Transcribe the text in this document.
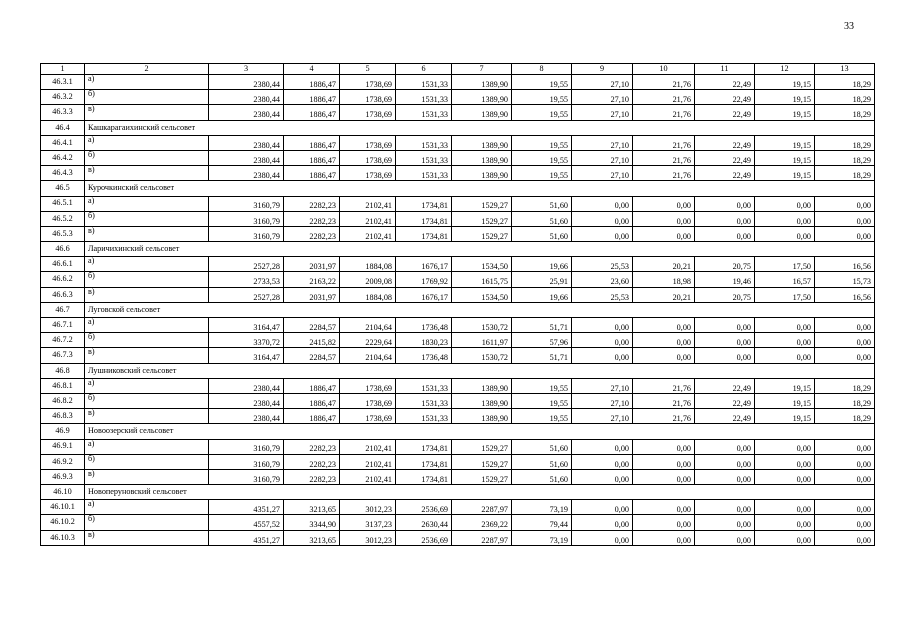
33
1	2	3	4	5	6	7	8	9	10	11	12	13
46.3.1	а)	2380,44	1886,47	1738,69	1531,33	1389,90	19,55	27,10	21,76	22,49	19,15	18,29
46.3.2	б)	2380,44	1886,47	1738,69	1531,33	1389,90	19,55	27,10	21,76	22,49	19,15	18,29
46.3.3	в)	2380,44	1886,47	1738,69	1531,33	1389,90	19,55	27,10	21,76	22,49	19,15	18,29
46.4	Кашкарагаихинский сельсовет											
46.4.1	а)	2380,44	1886,47	1738,69	1531,33	1389,90	19,55	27,10	21,76	22,49	19,15	18,29
46.4.2	б)	2380,44	1886,47	1738,69	1531,33	1389,90	19,55	27,10	21,76	22,49	19,15	18,29
46.4.3	в)	2380,44	1886,47	1738,69	1531,33	1389,90	19,55	27,10	21,76	22,49	19,15	18,29
46.5	Курочкинский сельсовет											
46.5.1	а)	3160,79	2282,23	2102,41	1734,81	1529,27	51,60	0,00	0,00	0,00	0,00	0,00
46.5.2	б)	3160,79	2282,23	2102,41	1734,81	1529,27	51,60	0,00	0,00	0,00	0,00	0,00
46.5.3	в)	3160,79	2282,23	2102,41	1734,81	1529,27	51,60	0,00	0,00	0,00	0,00	0,00
46.6	Ларичихинский сельсовет											
46.6.1	а)	2527,28	2031,97	1884,08	1676,17	1534,50	19,66	25,53	20,21	20,75	17,50	16,56
46.6.2	б)	2733,53	2163,22	2009,08	1769,92	1615,75	25,91	23,60	18,98	19,46	16,57	15,73
46.6.3	в)	2527,28	2031,97	1884,08	1676,17	1534,50	19,66	25,53	20,21	20,75	17,50	16,56
46.7	Луговской сельсовет											
46.7.1	а)	3164,47	2284,57	2104,64	1736,48	1530,72	51,71	0,00	0,00	0,00	0,00	0,00
46.7.2	б)	3370,72	2415,82	2229,64	1830,23	1611,97	57,96	0,00	0,00	0,00	0,00	0,00
46.7.3	в)	3164,47	2284,57	2104,64	1736,48	1530,72	51,71	0,00	0,00	0,00	0,00	0,00
46.8	Лушниковский сельсовет											
46.8.1	а)	2380,44	1886,47	1738,69	1531,33	1389,90	19,55	27,10	21,76	22,49	19,15	18,29
46.8.2	б)	2380,44	1886,47	1738,69	1531,33	1389,90	19,55	27,10	21,76	22,49	19,15	18,29
46.8.3	в)	2380,44	1886,47	1738,69	1531,33	1389,90	19,55	27,10	21,76	22,49	19,15	18,29
46.9	Новоозерский сельсовет											
46.9.1	а)	3160,79	2282,23	2102,41	1734,81	1529,27	51,60	0,00	0,00	0,00	0,00	0,00
46.9.2	б)	3160,79	2282,23	2102,41	1734,81	1529,27	51,60	0,00	0,00	0,00	0,00	0,00
46.9.3	в)	3160,79	2282,23	2102,41	1734,81	1529,27	51,60	0,00	0,00	0,00	0,00	0,00
46.10	Новоперуновский сельсовет											
46.10.1	а)	4351,27	3213,65	3012,23	2536,69	2287,97	73,19	0,00	0,00	0,00	0,00	0,00
46.10.2	б)	4557,52	3344,90	3137,23	2630,44	2369,22	79,44	0,00	0,00	0,00	0,00	0,00
46.10.3	в)	4351,27	3213,65	3012,23	2536,69	2287,97	73,19	0,00	0,00	0,00	0,00	0,00
